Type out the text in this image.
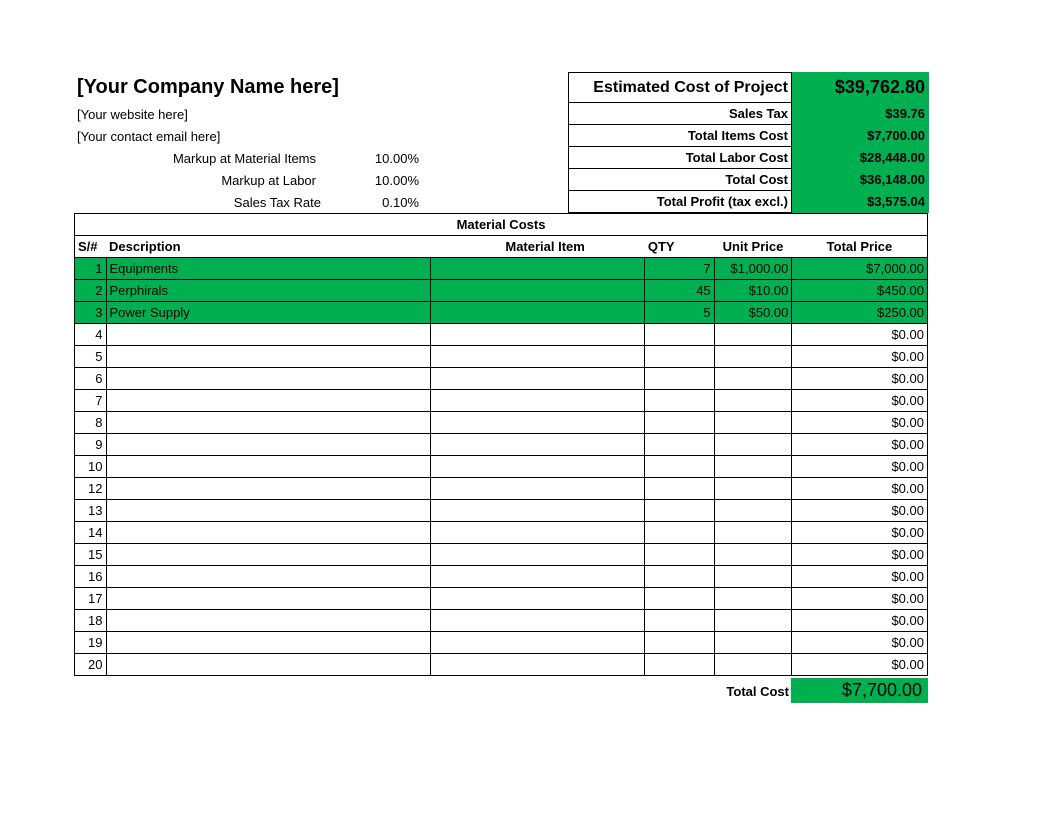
[Your Company Name here]
[Your website here]
[Your contact email here]
Markup at Material Items	10.00%
Markup at Labor	10.00%
Sales Tax Rate	0.10%
Estimated Cost of Project	$39,762.80
Sales Tax	$39.76
Total Items Cost	$7,700.00
Total Labor Cost	$28,448.00
Total Cost	$36,148.00
Total Profit (tax excl.)	$3,575.04
Material Costs					
S/#	Description	Material Item	QTY	Unit Price	Total Price
1	Equipments		7	$1,000.00	$7,000.00
2	Perphirals		45	$10.00	$450.00
3	Power Supply		5	$50.00	$250.00
4					$0.00
5					$0.00
6					$0.00
7					$0.00
8					$0.00
9					$0.00
10					$0.00
12					$0.00
13					$0.00
14					$0.00
15					$0.00
16					$0.00
17					$0.00
18					$0.00
19					$0.00
20					$0.00
Total Cost	$7,700.00
